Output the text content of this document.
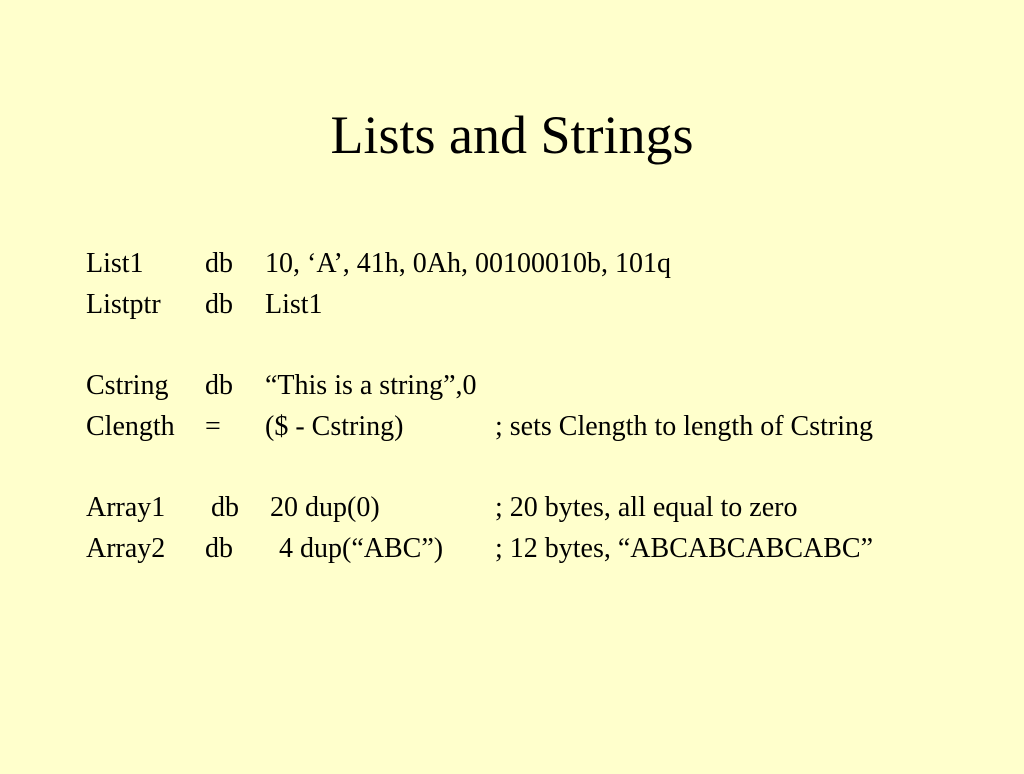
Lists and Strings

List1

db

10, ‘A’, 41h, 0Ah, 00100010b, 101q

Listptr

db

List1

Cstring

db

“This is a string”,0

Clength

=

($ - Cstring)

	; sets Clength to length of Cstring

Array1

db

20 dup(0)

	; 20 bytes, all equal to zero

Array2

db

4 dup(“ABC”)

; 12 bytes, “ABCABCABCABC”
